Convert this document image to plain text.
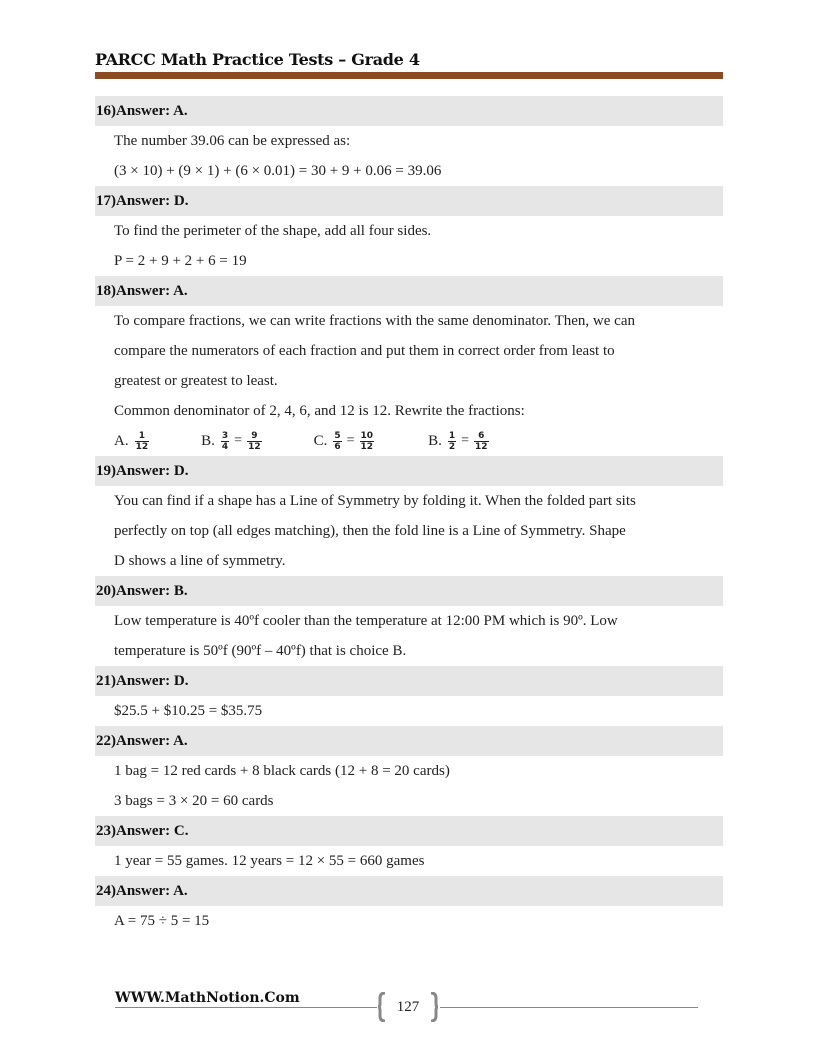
PARCC Math Practice Tests – Grade 4
16)Answer: A.
The number 39.06 can be expressed as:
(3 × 10) + (9 × 1) + (6 × 0.01) = 30 + 9 + 0.06 = 39.06
17)Answer: D.
To find the perimeter of the shape, add all four sides.
P = 2 + 9 + 2 + 6 = 19
18)Answer: A.
To compare fractions, we can write fractions with the same denominator. Then, we can
compare the numerators of each fraction and put them in correct order from least to
greatest or greatest to least.
Common denominator of 2, 4, 6, and 12 is 12. Rewrite the fractions:
A. $\frac{1}{12}$	B. $\frac{3}{4} = \frac{9}{12}$	C. $\frac{5}{6} = \frac{10}{12}$	B. $\frac{1}{2} = \frac{6}{12}$
19)Answer: D.
You can find if a shape has a Line of Symmetry by folding it. When the folded part sits
perfectly on top (all edges matching), then the fold line is a Line of Symmetry. Shape
D shows a line of symmetry.
20)Answer: B.
Low temperature is 40ºf cooler than the temperature at 12:00 PM which is 90º. Low
temperature is 50ºf (90ºf – 40ºf) that is choice B.
21)Answer: D.
$25.5 + $10.25 = $35.75
22)Answer: A.
1 bag = 12 red cards + 8 black cards (12 + 8 = 20 cards)
3 bags = 3 × 20 = 60 cards
23)Answer: C.
1 year = 55 games. 12 years = 12 × 55 = 660 games
24)Answer: A.
A = 75 ÷ 5 = 15
WWW.MathNotion.Com
127
